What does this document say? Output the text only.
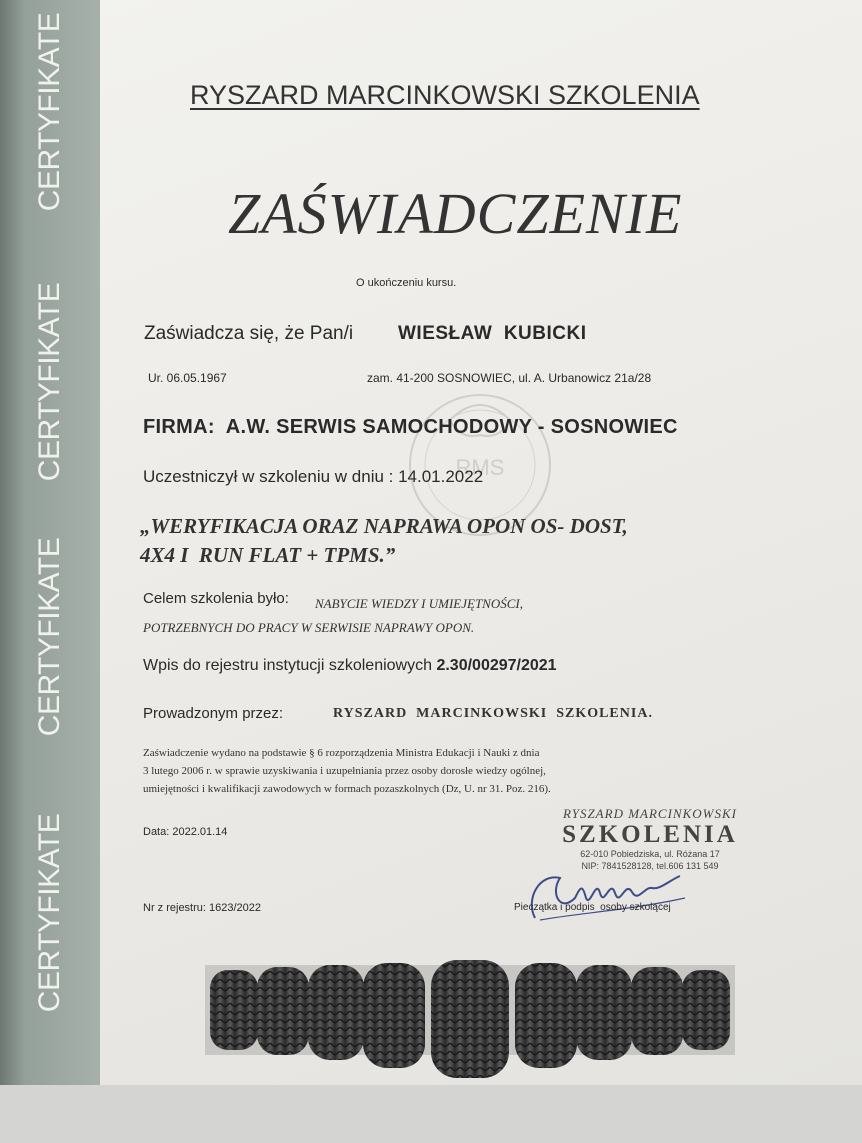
CERTYFIKATE
CERTYFIKATE
CERTYFIKATE
CERTYFIKATE
RMS
RYSZARD MARCINKOWSKI SZKOLENIA
ZAŚWIADCZENIE
O ukończeniu kursu.
Zaświadcza się, że Pan/i WIESŁAW  KUBICKI
Ur. 06.05.1967	zam. 41-200 SOSNOWIEC, ul. A. Urbanowicz 21a/28
FIRMA:  A.W. SERWIS SAMOCHODOWY - SOSNOWIEC
Uczestniczył w szkoleniu w dniu : 14.01.2022
„WERYFIKACJA ORAZ NAPRAWA OPON OS- DOST,
4X4 I  RUN FLAT + TPMS.”
Celem szkolenia było:	NABYCIE WIEDZY I UMIEJĘTNOŚCI,
POTRZEBNYCH DO PRACY W SERWISIE NAPRAWY OPON.
Wpis do rejestru instytucji szkoleniowych 2.30/00297/2021
Prowadzonym przez:	RYSZARD  MARCINKOWSKI  SZKOLENIA.
Zaświadczenie wydano na podstawie § 6 rozporządzenia Ministra Edukacji i Nauki z dnia
3 lutego 2006 r. w sprawie uzyskiwania i uzupełniania przez osoby dorosłe wiedzy ogólnej,
umiejętności i kwalifikacji zawodowych w formach pozaszkolnych (Dz, U. nr 31. Poz. 216).
Data: 2022.01.14
Nr z rejestru: 1623/2022
RYSZARD MARCINKOWSKI
SZKOLENIA
62-010 Pobiedziska, ul. Różana 17
NIP: 7841528128, tel.606 131 549
Pieczątka i podpis  osoby szkolącej
